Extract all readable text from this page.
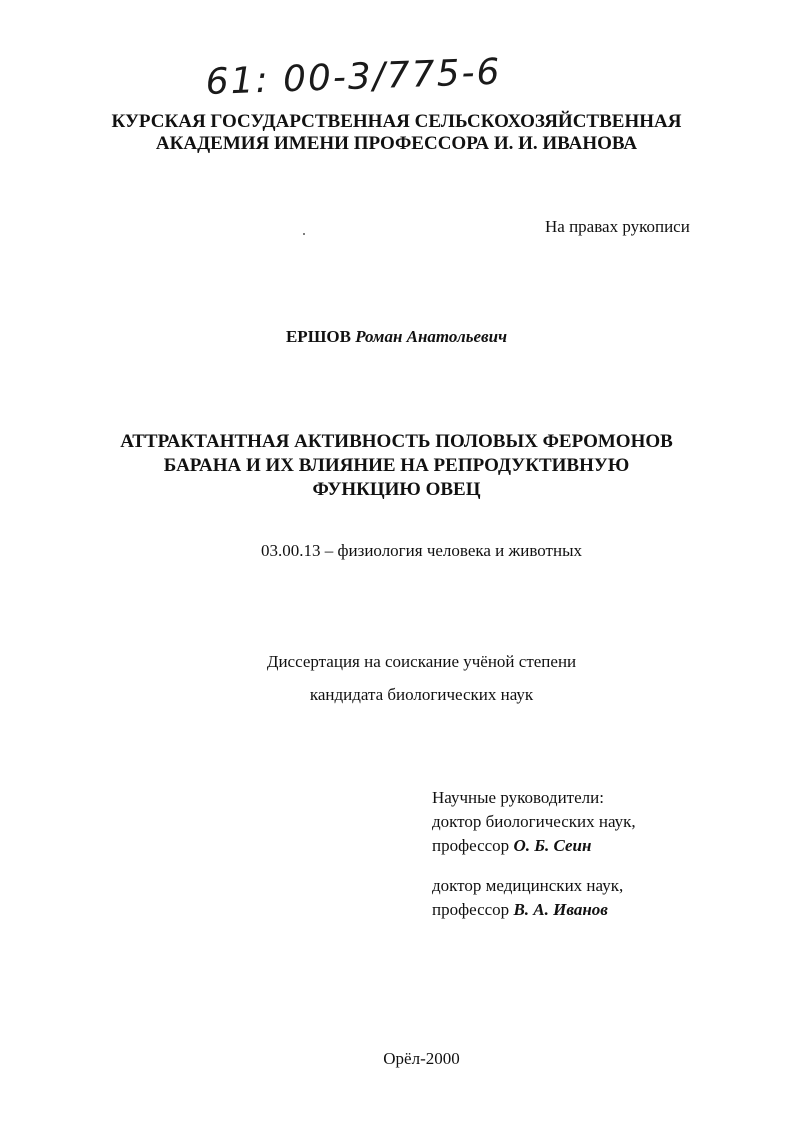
61: 00-3/775-6
КУРСКАЯ ГОСУДАРСТВЕННАЯ СЕЛЬСКОХОЗЯЙСТВЕННАЯ
АКАДЕМИЯ ИМЕНИ ПРОФЕССОРА И. И. ИВАНОВА
На правах рукописи
ЕРШОВ Роман Анатольевич
АТТРАКТАНТНАЯ АКТИВНОСТЬ ПОЛОВЫХ ФЕРОМОНОВ
БАРАНА И ИХ ВЛИЯНИЕ НА РЕПРОДУКТИВНУЮ
ФУНКЦИЮ ОВЕЦ
03.00.13 – физиология человека и животных
Диссертация на соискание учёной степени
кандидата биологических наук
Научные руководители:
доктор биологических наук,
профессор О. Б. Сеин
доктор медицинских наук,
профессор В. А. Иванов
Орёл-2000
